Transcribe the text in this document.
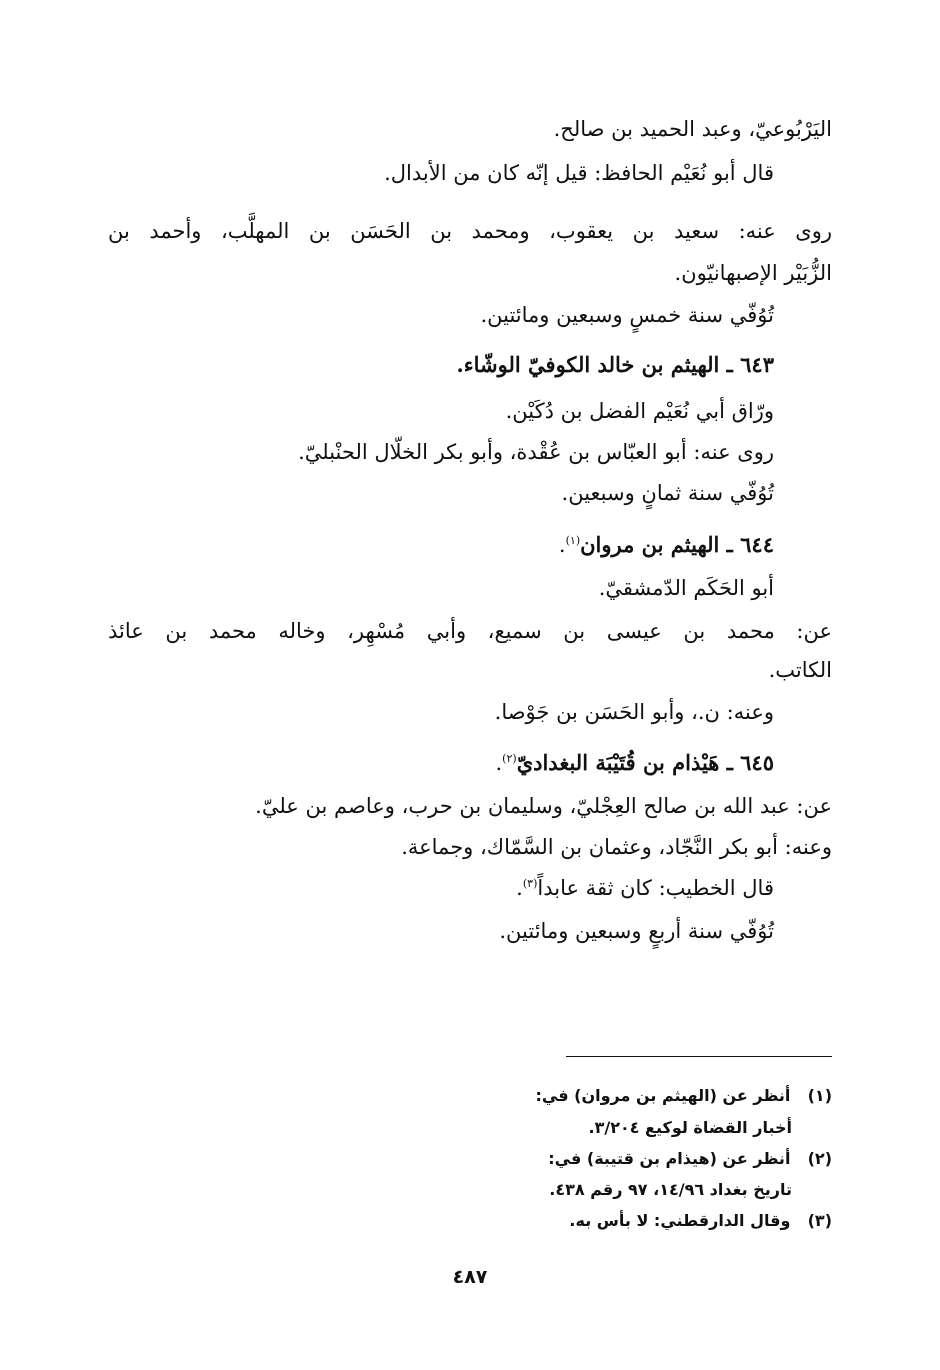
اليَرْبُوعيّ، وعبد الحميد بن صالح.
قال أبو نُعَيْم الحافظ: قيل إنّه كان من الأبدال.
روى عنه: سعيد بن يعقوب، ومحمد بن الحَسَن بن المهلَّب، وأحمد بن
الزُّبَيْر الإصبهانيّون.
تُوُفّي سنة خمسٍ وسبعين ومائتين.
٦٤٣ ـ الهيثم بن خالد الكوفيّ الوشّاء.
ورّاق أبي نُعَيْم الفضل بن دُكَيْن.
روى عنه: أبو العبّاس بن عُقْدة، وأبو بكر الخلّال الحنْبليّ.
تُوُفّي سنة ثمانٍ وسبعين.
٦٤٤ ـ الهيثم بن مروان$^{(١)}$.
أبو الحَكَم الدّمشقيّ.
عن: محمد بن عيسى بن سميع، وأبي مُسْهِر، وخاله محمد بن عائذ
الكاتب.
وعنه: ن.، وأبو الحَسَن بن جَوْصا.
٦٤٥ ـ هَيْذام بن قُتَيْبَة البغداديّ$^{(٢)}$.
عن: عبد الله بن صالح العِجْليّ، وسليمان بن حرب، وعاصم بن عليّ.
وعنه: أبو بكر النَّجّاد، وعثمان بن السَّمّاك، وجماعة.
قال الخطيب: كان ثقة عابداً$^{(٣)}$.
تُوُفّي سنة أربعٍ وسبعين ومائتين.
(١) أنظر عن (الهيثم بن مروان) في:
أخبار القضاة لوكيع ٣/٢٠٤.
(٢) أنظر عن (هيذام بن قتيبة) في:
تاريخ بغداد ١٤/٩٦، ٩٧ رقم ٤٣٨.
(٣) وقال الدارقطني: لا بأس به.
٤٨٧
